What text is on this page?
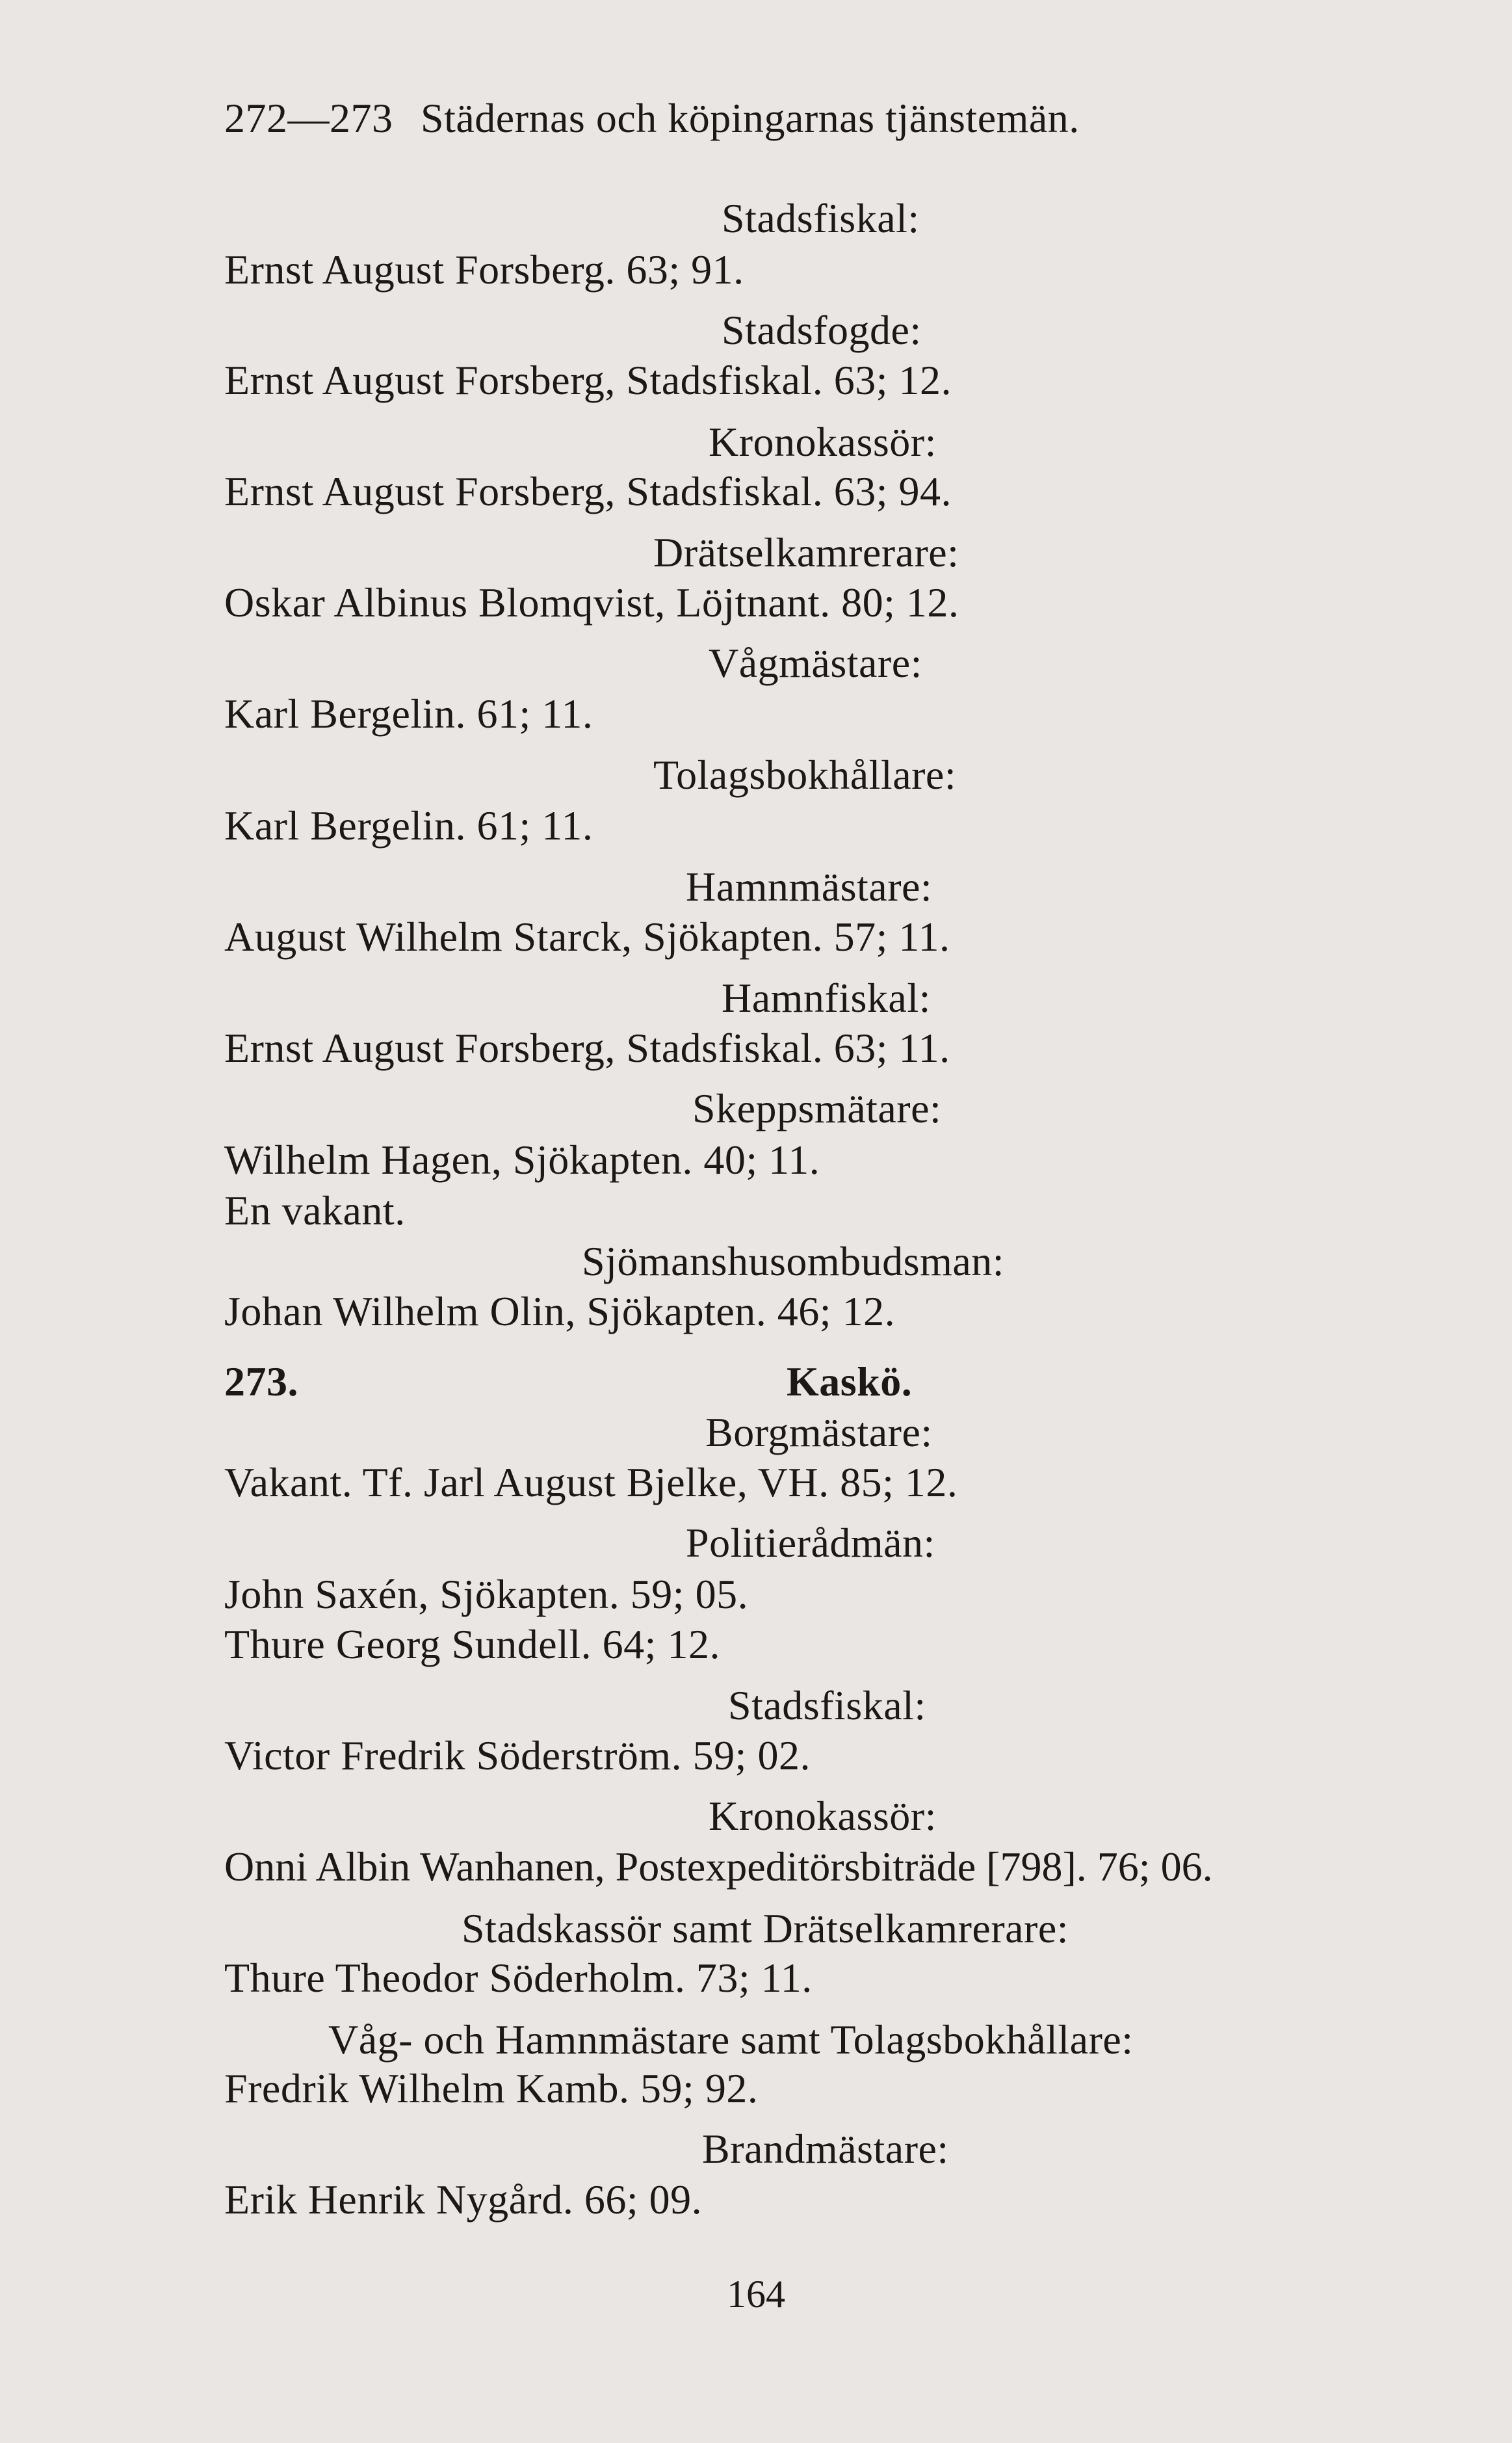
272—273 Städernas och köpingarnas tjänstemän.
Stadsfiskal:
Ernst August Forsberg. 63; 91.
Stadsfogde:
Ernst August Forsberg, Stadsfiskal. 63; 12.
Kronokassör:
Ernst August Forsberg, Stadsfiskal. 63; 94.
Drätselkamrerare:
Oskar Albinus Blomqvist, Löjtnant. 80; 12.
Vågmästare:
Karl Bergelin. 61; 11.
Tolagsbokhållare:
Karl Bergelin. 61; 11.
Hamnmästare:
August Wilhelm Starck, Sjökapten. 57; 11.
Hamnfiskal:
Ernst August Forsberg, Stadsfiskal. 63; 11.
Skeppsmätare:
Wilhelm Hagen, Sjökapten. 40; 11.
En vakant.
Sjömanshusombudsman:
Johan Wilhelm Olin, Sjökapten. 46; 12.
273.	Kaskö.
Borgmästare:
Vakant. Tf. Jarl August Bjelke, VH. 85; 12.
Politierådmän:
John Saxén, Sjökapten. 59; 05.
Thure Georg Sundell. 64; 12.
Stadsfiskal:
Victor Fredrik Söderström. 59; 02.
Kronokassör:
Onni Albin Wanhanen, Postexpeditörsbiträde [798]. 76; 06.
Stadskassör samt Drätselkamrerare:
Thure Theodor Söderholm. 73; 11.
Våg- och Hamnmästare samt Tolagsbokhållare:
Fredrik Wilhelm Kamb. 59; 92.
Brandmästare:
Erik Henrik Nygård. 66; 09.
164
